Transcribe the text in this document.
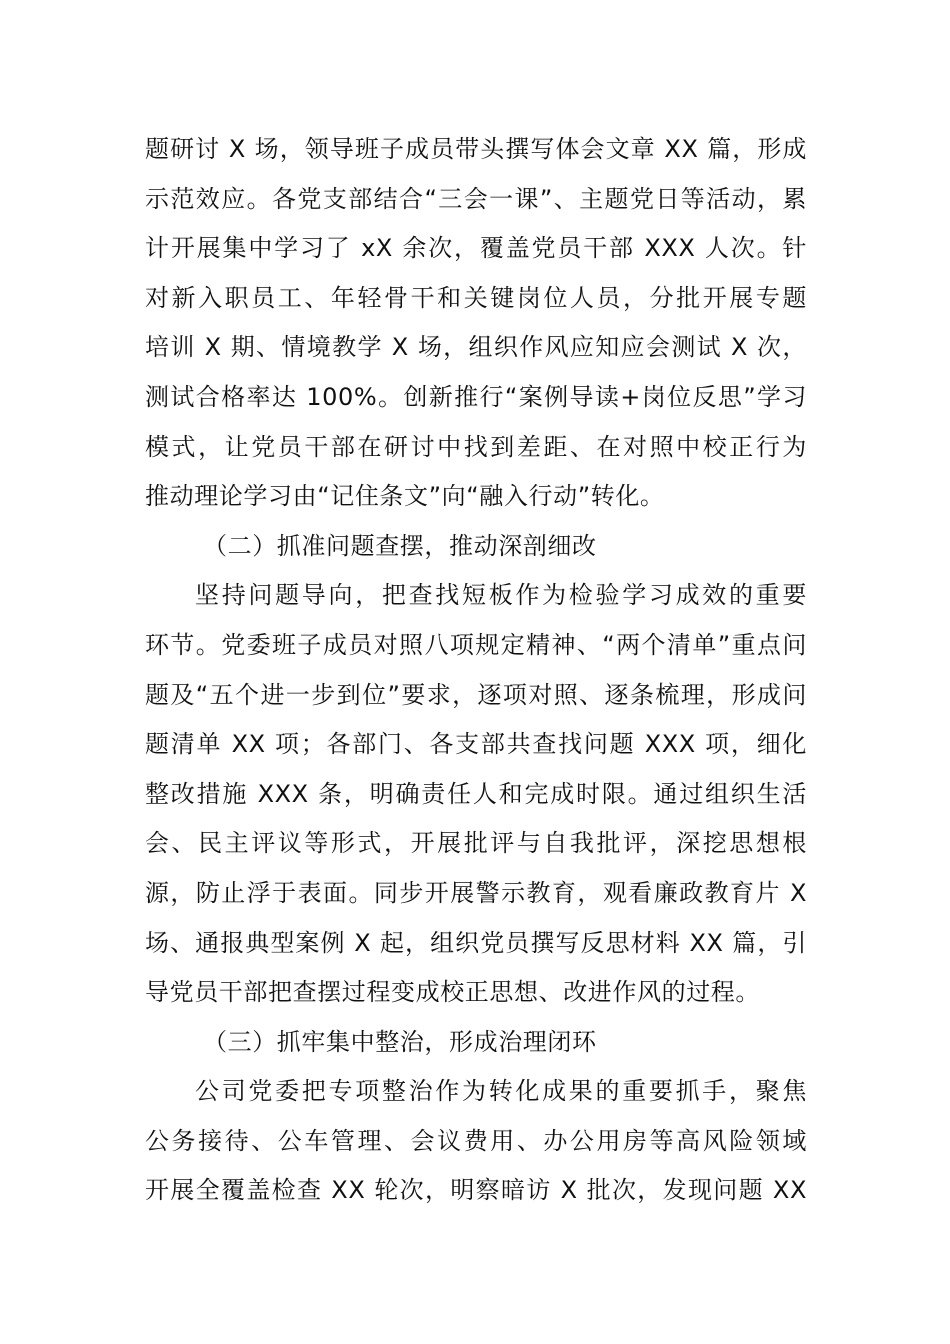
题研讨 X 场，领导班子成员带头撰写体会文章 XX 篇，形成
示范效应。各党支部结合“三会一课”、主题党日等活动，累
计开展集中学习了 xX 余次，覆盖党员干部 XXX 人次。针
对新入职员工、年轻骨干和关键岗位人员，分批开展专题
培训 X 期、情境教学 X 场，组织作风应知应会测试 X 次，
测试合格率达 100%。创新推行“案例导读+岗位反思”学习
模式，让党员干部在研讨中找到差距、在对照中校正行为
推动理论学习由“记住条文”向“融入行动”转化。
（二）抓准问题查摆，推动深剖细改
坚持问题导向，把查找短板作为检验学习成效的重要
环节。党委班子成员对照八项规定精神、“两个清单”重点问
题及“五个进一步到位”要求，逐项对照、逐条梳理，形成问
题清单 XX 项；各部门、各支部共查找问题 XXX 项，细化
整改措施 XXX 条，明确责任人和完成时限。通过组织生活
会、民主评议等形式，开展批评与自我批评，深挖思想根
源，防止浮于表面。同步开展警示教育，观看廉政教育片 X
场、通报典型案例 X 起，组织党员撰写反思材料 XX 篇，引
导党员干部把查摆过程变成校正思想、改进作风的过程。
（三）抓牢集中整治，形成治理闭环
公司党委把专项整治作为转化成果的重要抓手，聚焦
公务接待、公车管理、会议费用、办公用房等高风险领域
开展全覆盖检查 XX 轮次，明察暗访 X 批次，发现问题 XX
